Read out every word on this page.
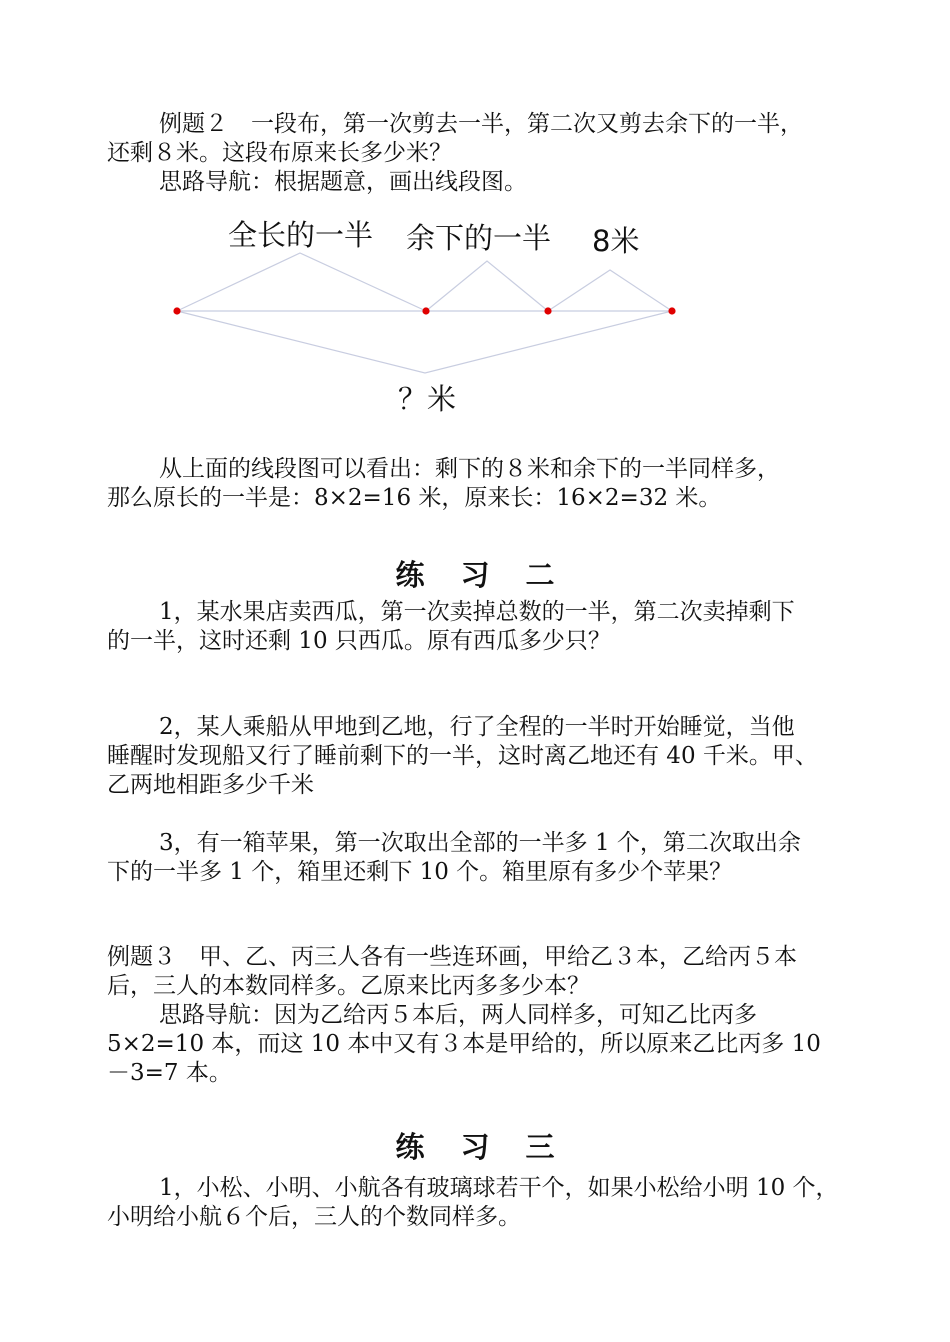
例题２　一段布，第一次剪去一半，第二次又剪去余下的一半，

还剩８米。这段布原来长多少米？

思路导航：根据题意，画出线段图。

全长的一半 余下的一半 8米
？米

从上面的线段图可以看出：剩下的８米和余下的一半同样多，

那么原长的一半是：8×2=16 米，原来长：16×2=32 米。

练习二

1，某水果店卖西瓜，第一次卖掉总数的一半，第二次卖掉剩下

的一半，这时还剩 10 只西瓜。原有西瓜多少只？

2，某人乘船从甲地到乙地，行了全程的一半时开始睡觉，当他

睡醒时发现船又行了睡前剩下的一半，这时离乙地还有 40 千米。甲、

乙两地相距多少千米

3，有一箱苹果，第一次取出全部的一半多 1 个，第二次取出余

下的一半多 1 个，箱里还剩下 10 个。箱里原有多少个苹果？

例题３　甲、乙、丙三人各有一些连环画，甲给乙３本，乙给丙５本

后，三人的本数同样多。乙原来比丙多多少本？

思路导航：因为乙给丙５本后，两人同样多，可知乙比丙多

5×2=10 本，而这 10 本中又有３本是甲给的，所以原来乙比丙多 10

－3=7 本。

练习三

1，小松、小明、小航各有玻璃球若干个，如果小松给小明 10 个，

小明给小航６个后，三人的个数同样多。
